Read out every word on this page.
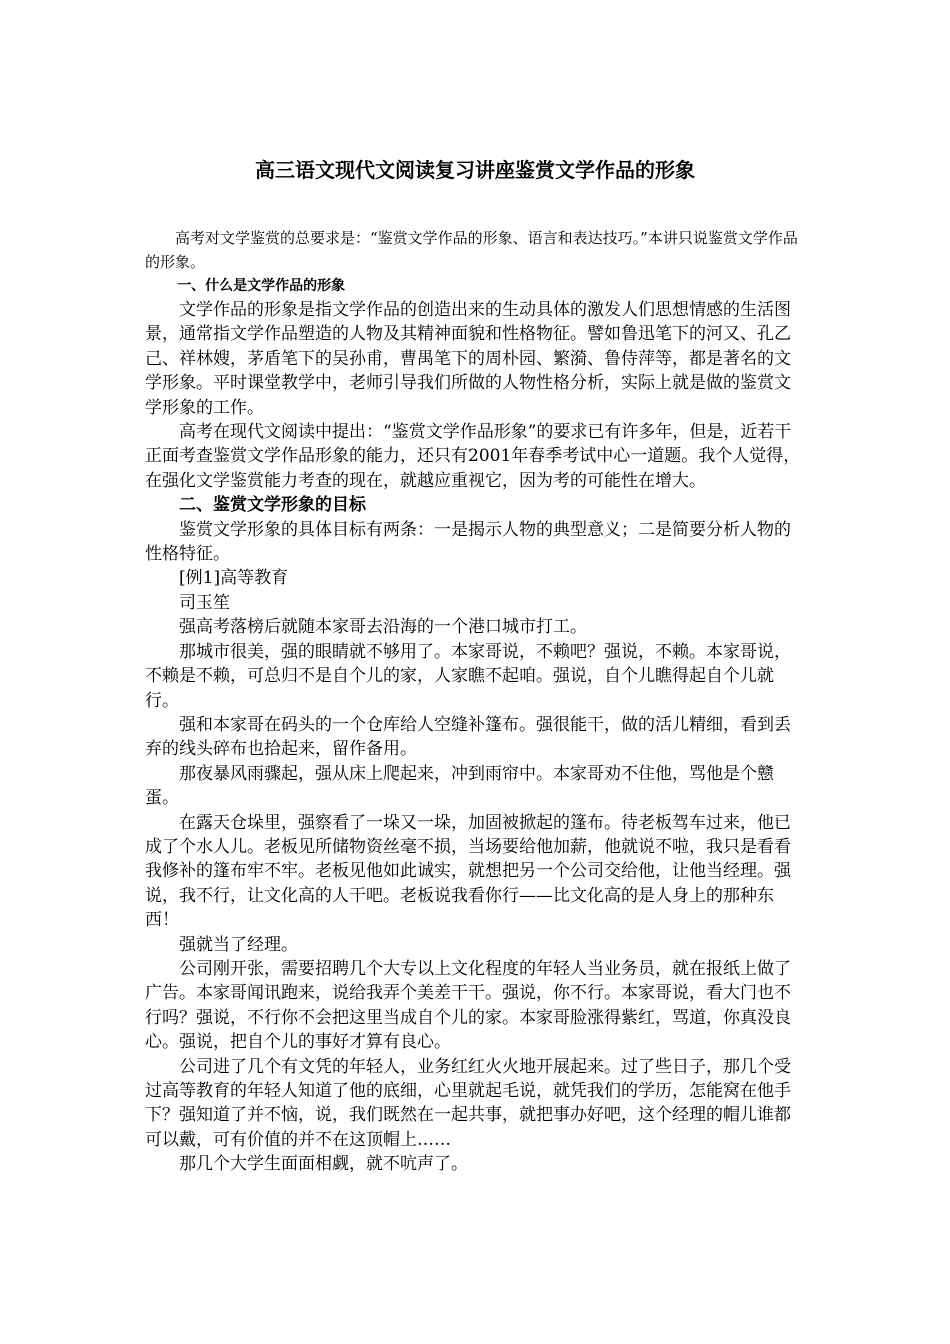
高三语文现代文阅读复习讲座鉴赏文学作品的形象

高考对文学鉴赏的总要求是：“鉴赏文学作品的形象、语言和表达技巧。”本讲只说鉴赏文学作品的形象。

一、什么是文学作品的形象

文学作品的形象是指文学作品的创造出来的生动具体的激发人们思想情感的生活图景，通常指文学作品塑造的人物及其精神面貌和性格物征。譬如鲁迅笔下的河又、孔乙己、祥林嫂，茅盾笔下的吴孙甫，曹禺笔下的周朴园、繁漪、鲁侍萍等，都是著名的文学形象。平时课堂教学中，老师引导我们所做的人物性格分析，实际上就是做的鉴赏文学形象的工作。

高考在现代文阅读中提出：“鉴赏文学作品形象”的要求已有许多年，但是，近若干正面考查鉴赏文学作品形象的能力，还只有2001年春季考试中心一道题。我个人觉得，在强化文学鉴赏能力考查的现在，就越应重视它，因为考的可能性在增大。

二、鉴赏文学形象的目标

鉴赏文学形象的具体目标有两条：一是揭示人物的典型意义；二是简要分析人物的性格特征。

[例1]高等教育

司玉笙

强高考落榜后就随本家哥去沿海的一个港口城市打工。

那城市很美，强的眼睛就不够用了。本家哥说，不赖吧？强说，不赖。本家哥说，不赖是不赖，可总归不是自个儿的家，人家瞧不起咱。强说，自个儿瞧得起自个儿就行。

强和本家哥在码头的一个仓库给人空缝补篷布。强很能干，做的活儿精细，看到丢弃的线头碎布也拾起来，留作备用。

那夜暴风雨骤起，强从床上爬起来，冲到雨帘中。本家哥劝不住他，骂他是个戆蛋。

在露天仓垛里，强察看了一垛又一垛，加固被掀起的篷布。待老板驾车过来，他已成了个水人儿。老板见所储物资丝毫不损，当场要给他加薪，他就说不啦，我只是看看我修补的篷布牢不牢。老板见他如此诚实，就想把另一个公司交给他，让他当经理。强说，我不行，让文化高的人干吧。老板说我看你行——比文化高的是人身上的那种东西！

强就当了经理。

公司刚开张，需要招聘几个大专以上文化程度的年轻人当业务员，就在报纸上做了广告。本家哥闻讯跑来，说给我弄个美差干干。强说，你不行。本家哥说，看大门也不行吗？强说，不行你不会把这里当成自个儿的家。本家哥脸涨得紫红，骂道，你真没良心。强说，把自个儿的事好才算有良心。

公司进了几个有文凭的年轻人，业务红红火火地开展起来。过了些日子，那几个受过高等教育的年轻人知道了他的底细，心里就起毛说，就凭我们的学历，怎能窝在他手下？强知道了并不恼，说，我们既然在一起共事，就把事办好吧，这个经理的帽儿谁都可以戴，可有价值的并不在这顶帽上……

那几个大学生面面相觑，就不吭声了。
